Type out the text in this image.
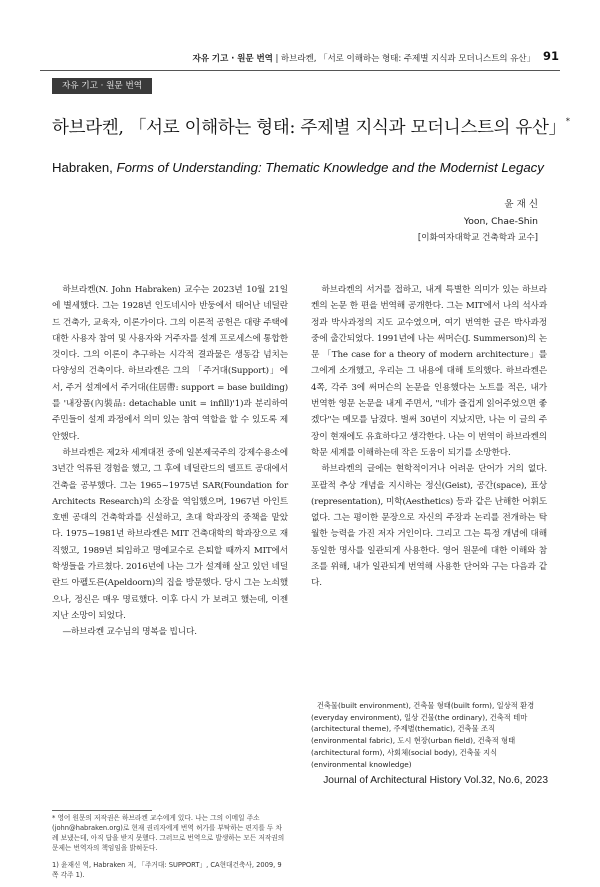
자유 기고 · 원문 번역 | 하브라켄, 「서로 이해하는 형태: 주제별 지식과 모더니스트의 유산」 91
자유 기고 · 원문 번역
하브라켄, 「서로 이해하는 형태: 주제별 지식과 모더니스트의 유산」*
Habraken, Forms of Understanding: Thematic Knowledge and the Modernist Legacy
윤 재 신
Yoon, Chae-Shin
[이화여자대학교 건축학과 교수]

하브라켄(N. John Habraken) 교수는 2023년 10월 21일에 별세했다. 그는 1928년 인도네시아 반둥에서 태어난 네덜란드 건축가, 교육자, 이론가이다. 그의 이론적 공헌은 대량 주택에 대한 사용자 참여 및 사용자와 거주자를 설계 프로세스에 통합한 것이다. 그의 이론이 추구하는 시각적 결과물은 생동감 넘치는 다양성의 건축이다. 하브라켄은 그의 「주거대(Support)」에서, 주거 설계에서 주거대(住居帶: support = base building)를 '내장품(內裝品: detachable unit = infill)'1)과 분리하여 주민들이 설계 과정에서 의미 있는 참여 역할을 할 수 있도록 제안했다.

하브라켄은 제2차 세계대전 중에 일본제국주의 강제수용소에 3년간 억류된 경험을 했고, 그 후에 네덜란드의 델프트 공대에서 건축을 공부했다. 그는 1965~1975년 SAR(Foundation for Architects Research)의 소장을 역임했으며, 1967년 아인트호벤 공대의 건축학과를 신설하고, 초대 학과장의 중책을 맡았다. 1975~1981년 하브라켄은 MIT 건축대학의 학과장으로 재직했고, 1989년 퇴임하고 명예교수로 은퇴할 때까지 MIT에서 학생들을 가르쳤다. 2016년에 나는 그가 설계해 살고 있던 네덜란드 아펠도른(Apeldoorn)의 집을 방문했다. 당시 그는 노쇠했으나, 정신은 매우 명료했다. 이후 다시 가 보려고 했는데, 이젠 지난 소망이 되었다.

—하브라켄 교수님의 명복을 빕니다.

하브라켄의 서거를 접하고, 내게 특별한 의미가 있는 하브라켄의 논문 한 편을 번역해 공개한다. 그는 MIT에서 나의 석사과정과 박사과정의 지도 교수였으며, 여기 번역한 글은 박사과정 중에 출간되었다. 1991년에 나는 써머슨(J. Summerson)의 논문 「The case for a theory of modern architecture」를 그에게 소개했고, 우리는 그 내용에 대해 토의했다. 하브라켄은 4쪽, 각주 3에 써머슨의 논문을 인용했다는 노트를 적은, 내가 번역한 영문 논문을 내게 주면서, "네가 즐겁게 읽어주었으면 좋겠다"는 메모를 남겼다. 벌써 30년이 지났지만, 나는 이 글의 주장이 현재에도 유효하다고 생각한다. 나는 이 번역이 하브라켄의 학문 세계를 이해하는데 작은 도움이 되기를 소망한다.

하브라켄의 글에는 현학적이거나 어려운 단어가 거의 없다. 포괄적 추상 개념을 지시하는 정신(Geist), 공간(space), 표상(representation), 미학(Aesthetics) 등과 같은 난해한 어휘도 없다. 그는 평이한 문장으로 자신의 주장과 논리를 전개하는 탁월한 능력을 가진 저자 거인이다. 그리고 그는 특정 개념에 대해 동일한 명사를 일관되게 사용한다. 영어 원문에 대한 이해와 참조를 위해, 내가 일관되게 번역해 사용한 단어와 구는 다음과 같다.

건축물(built environment), 건축물 형태(built form), 일상적 환경(everyday environment), 일상 건물(the ordinary), 건축적 테마(architectural theme), 주제별(thematic), 건축물 조직(environmental fabric), 도시 현장(urban field), 건축적 형태(architectural form), 사회체(social body), 건축물 지식(environmental knowledge)

* 영어 원문의 저작권은 하브라켄 교수에게 있다. 나는 그의 이메일 주소(john@habraken.org)로 현재 권리자에게 번역 허가를 부탁하는 편지를 두 차례 보냈는데, 아직 답을 받지 못했다. 그러므로 번역으로 발생하는 모든 저작권의 문제는 번역자의 책임임을 밝혀둔다.

1) 윤재신 역, Habraken 저, 「주거대: SUPPORT」, CA현대건축사, 2009, 9쪽 각주 1).

Journal of Architectural History Vol.32, No.6, 2023
